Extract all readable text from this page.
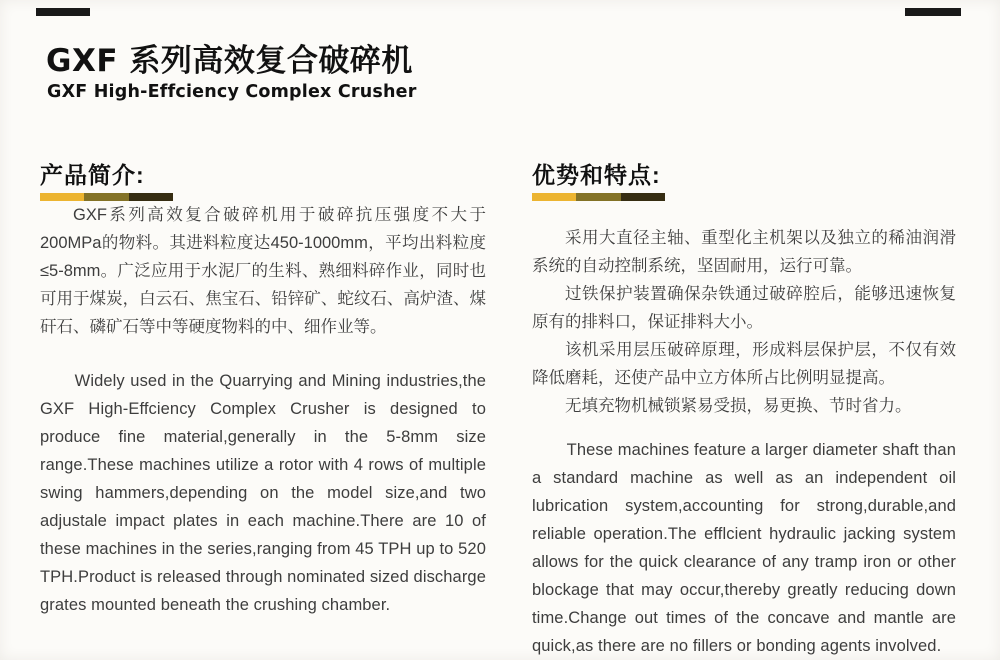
GXF 系列高效复合破碎机
GXF High-Effciency Complex Crusher
产品简介:

GXF系列高效复合破碎机用于破碎抗压强度不大于200MPa的物料。其进料粒度达450-1000mm，平均出料粒度≤5-8mm。广泛应用于水泥厂的生料、熟细料碎作业，同时也可用于煤炭，白云石、焦宝石、铅锌矿、蛇纹石、高炉渣、煤矸石、磷矿石等中等硬度物料的中、细作业等。

Widely used in the Quarrying and Mining industries,the GXF High-Effciency Complex Crusher is designed to produce fine material,generally in the 5-8mm size range.These machines utilize a rotor with 4 rows of multiple swing hammers,depending on the model size,and two adjustale impact plates in each machine.There are 10 of these machines in the series,ranging from 45 TPH up to 520 TPH.Product is released through nominated sized discharge grates mounted beneath the crushing chamber.

优势和特点:

采用大直径主轴、重型化主机架以及独立的稀油润滑系统的自动控制系统，坚固耐用，运行可靠。

过铁保护装置确保杂铁通过破碎腔后，能够迅速恢复原有的排料口，保证排料大小。

该机采用层压破碎原理，形成料层保护层，不仅有效降低磨耗，还使产品中立方体所占比例明显提高。

无填充物机械锁紧易受损，易更换、节时省力。

These machines feature a larger diameter shaft than a standard machine as well as an independent oil lubrication system,accounting for strong,durable,and reliable operation.The efflcient hydraulic jacking system allows for the quick clearance of any tramp iron or other blockage that may occur,thereby greatly reducing down time.Change out times of the concave and mantle are quick,as there are no fillers or bonding agents involved.
